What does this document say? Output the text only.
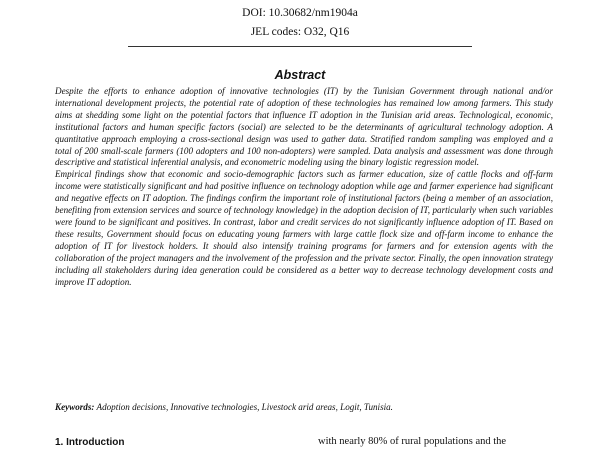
DOI: 10.30682/nm1904a
JEL codes: O32, Q16
Abstract

Despite the efforts to enhance adoption of innovative technologies (IT) by the Tunisian Government through national and/or international development projects, the potential rate of adoption of these technologies has remained low among farmers. This study aims at shedding some light on the potential factors that influence IT adoption in the Tunisian arid areas. Technological, economic, institutional factors and human specific factors (social) are selected to be the determinants of agricultural technology adoption. A quantitative approach employing a cross-sectional design was used to gather data. Stratified random sampling was employed and a total of 200 small-scale farmers (100 adopters and 100 non-adopters) were sampled. Data analysis and assessment was done through descriptive and statistical inferential analysis, and econometric modeling using the binary logistic regression model.

Empirical findings show that economic and socio-demographic factors such as farmer education, size of cattle flocks and off-farm income were statistically significant and had positive influence on technology adoption while age and farmer experience had significant and negative effects on IT adoption. The findings confirm the important role of institutional factors (being a member of an association, benefiting from extension services and source of technology knowledge) in the adoption decision of IT, particularly when such variables were found to be significant and positives. In contrast, labor and credit services do not significantly influence adoption of IT. Based on these results, Government should focus on educating young farmers with large cattle flock size and off-farm income to enhance the adoption of IT for livestock holders. It should also intensify training programs for farmers and for extension agents with the collaboration of the project managers and the involvement of the profession and the private sector. Finally, the open innovation strategy including all stakeholders during idea generation could be considered as a better way to decrease technology development costs and improve IT adoption.

Keywords: Adoption decisions, Innovative technologies, Livestock arid areas, Logit, Tunisia.
1. Introduction	with nearly 80% of rural populations and the
